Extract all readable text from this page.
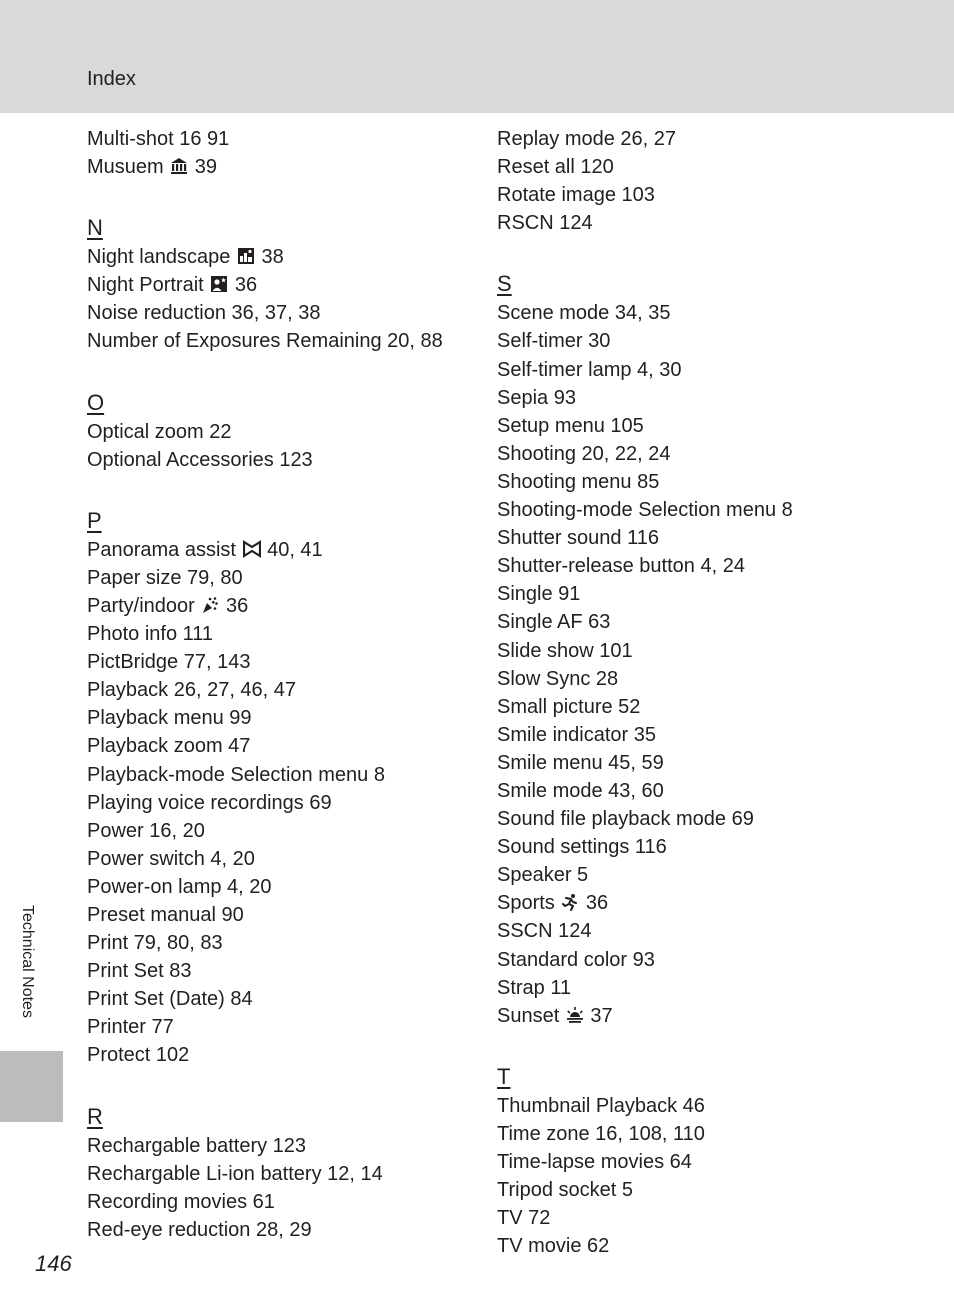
Index
Multi-shot 16 91
Musuem
39
N
Night landscape
38
Night Portrait
36
Noise reduction 36, 37, 38
Number of Exposures Remaining 20, 88
O
Optical zoom 22
Optional Accessories 123
P
Panorama assist
40, 41
Paper size 79, 80
Party/indoor
36
Photo info 111
PictBridge 77, 143
Playback 26, 27, 46, 47
Playback menu 99
Playback zoom 47
Playback-mode Selection menu 8
Playing voice recordings 69
Power 16, 20
Power switch 4, 20
Power-on lamp 4, 20
Preset manual 90
Print 79, 80, 83
Print Set 83
Print Set (Date) 84
Printer 77
Protect 102
R
Rechargable battery 123
Rechargable Li-ion battery 12, 14
Recording movies 61
Red-eye reduction 28, 29
Replay mode 26, 27
Reset all 120
Rotate image 103
RSCN 124
S
Scene mode 34, 35
Self-timer 30
Self-timer lamp 4, 30
Sepia 93
Setup menu 105
Shooting 20, 22, 24
Shooting menu 85
Shooting-mode Selection menu 8
Shutter sound 116
Shutter-release button 4, 24
Single 91
Single AF 63
Slide show 101
Slow Sync 28
Small picture 52
Smile indicator 35
Smile menu 45, 59
Smile mode 43, 60
Sound file playback mode 69
Sound settings 116
Speaker 5
Sports
36
SSCN 124
Standard color 93
Strap 11
Sunset
37
T
Thumbnail Playback 46
Time zone 16, 108, 110
Time-lapse movies 64
Tripod socket 5
TV 72
TV movie 62
Technical Notes
146
